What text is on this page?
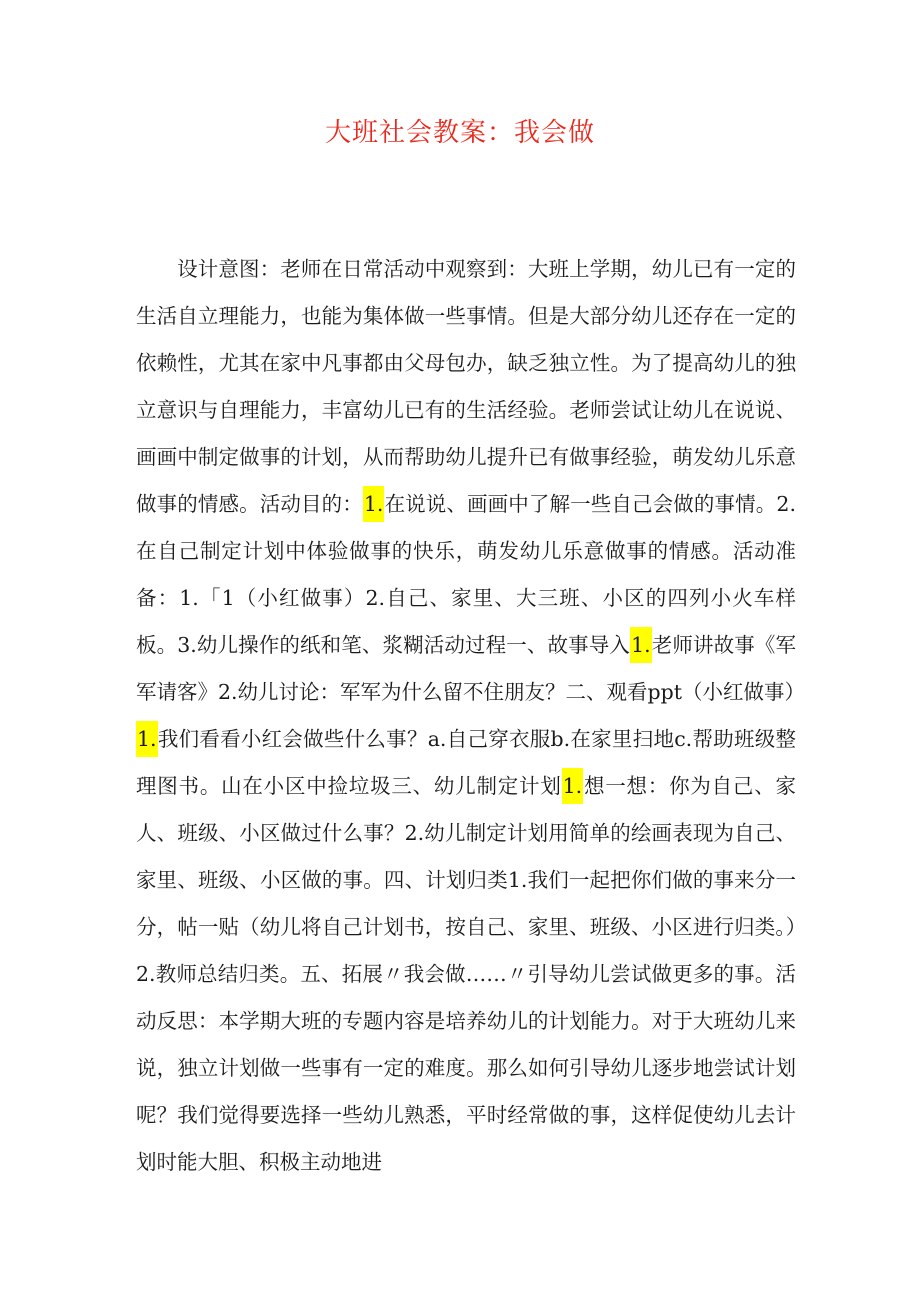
大班社会教案：我会做

设计意图：老师在日常活动中观察到：大班上学期，幼儿已有一定的生活自立理能力，也能为集体做一些事情。但是大部分幼儿还存在一定的依赖性，尤其在家中凡事都由父母包办，缺乏独立性。为了提高幼儿的独立意识与自理能力，丰富幼儿已有的生活经验。老师尝试让幼儿在说说、画画中制定做事的计划，从而帮助幼儿提升已有做事经验，萌发幼儿乐意做事的情感。活动目的：1.在说说、画画中了解一些自己会做的事情。2.在自己制定计划中体验做事的快乐，萌发幼儿乐意做事的情感。活动准备：1.「1（小红做事）2.自己、家里、大三班、小区的四列小火车样板。3.幼儿操作的纸和笔、浆糊活动过程一、故事导入1.老师讲故事《军军请客》2.幼儿讨论：军军为什么留不住朋友？二、观看ppt（小红做事）1.我们看看小红会做些什么事？a.自己穿衣服b.在家里扫地c.帮助班级整理图书。山在小区中捡垃圾三、幼儿制定计划1.想一想：你为自己、家人、班级、小区做过什么事？2.幼儿制定计划用简单的绘画表现为自己、家里、班级、小区做的事。四、计划归类1.我们一起把你们做的事来分一分，帖一贴（幼儿将自己计划书，按自己、家里、班级、小区进行归类。）2.教师总结归类。五、拓展〃我会做……〃引导幼儿尝试做更多的事。活动反思：本学期大班的专题内容是培养幼儿的计划能力。对于大班幼儿来说，独立计划做一些事有一定的难度。那么如何引导幼儿逐步地尝试计划呢？我们觉得要选择一些幼儿熟悉，平时经常做的事，这样促使幼儿去计划时能大胆、积极主动地进
